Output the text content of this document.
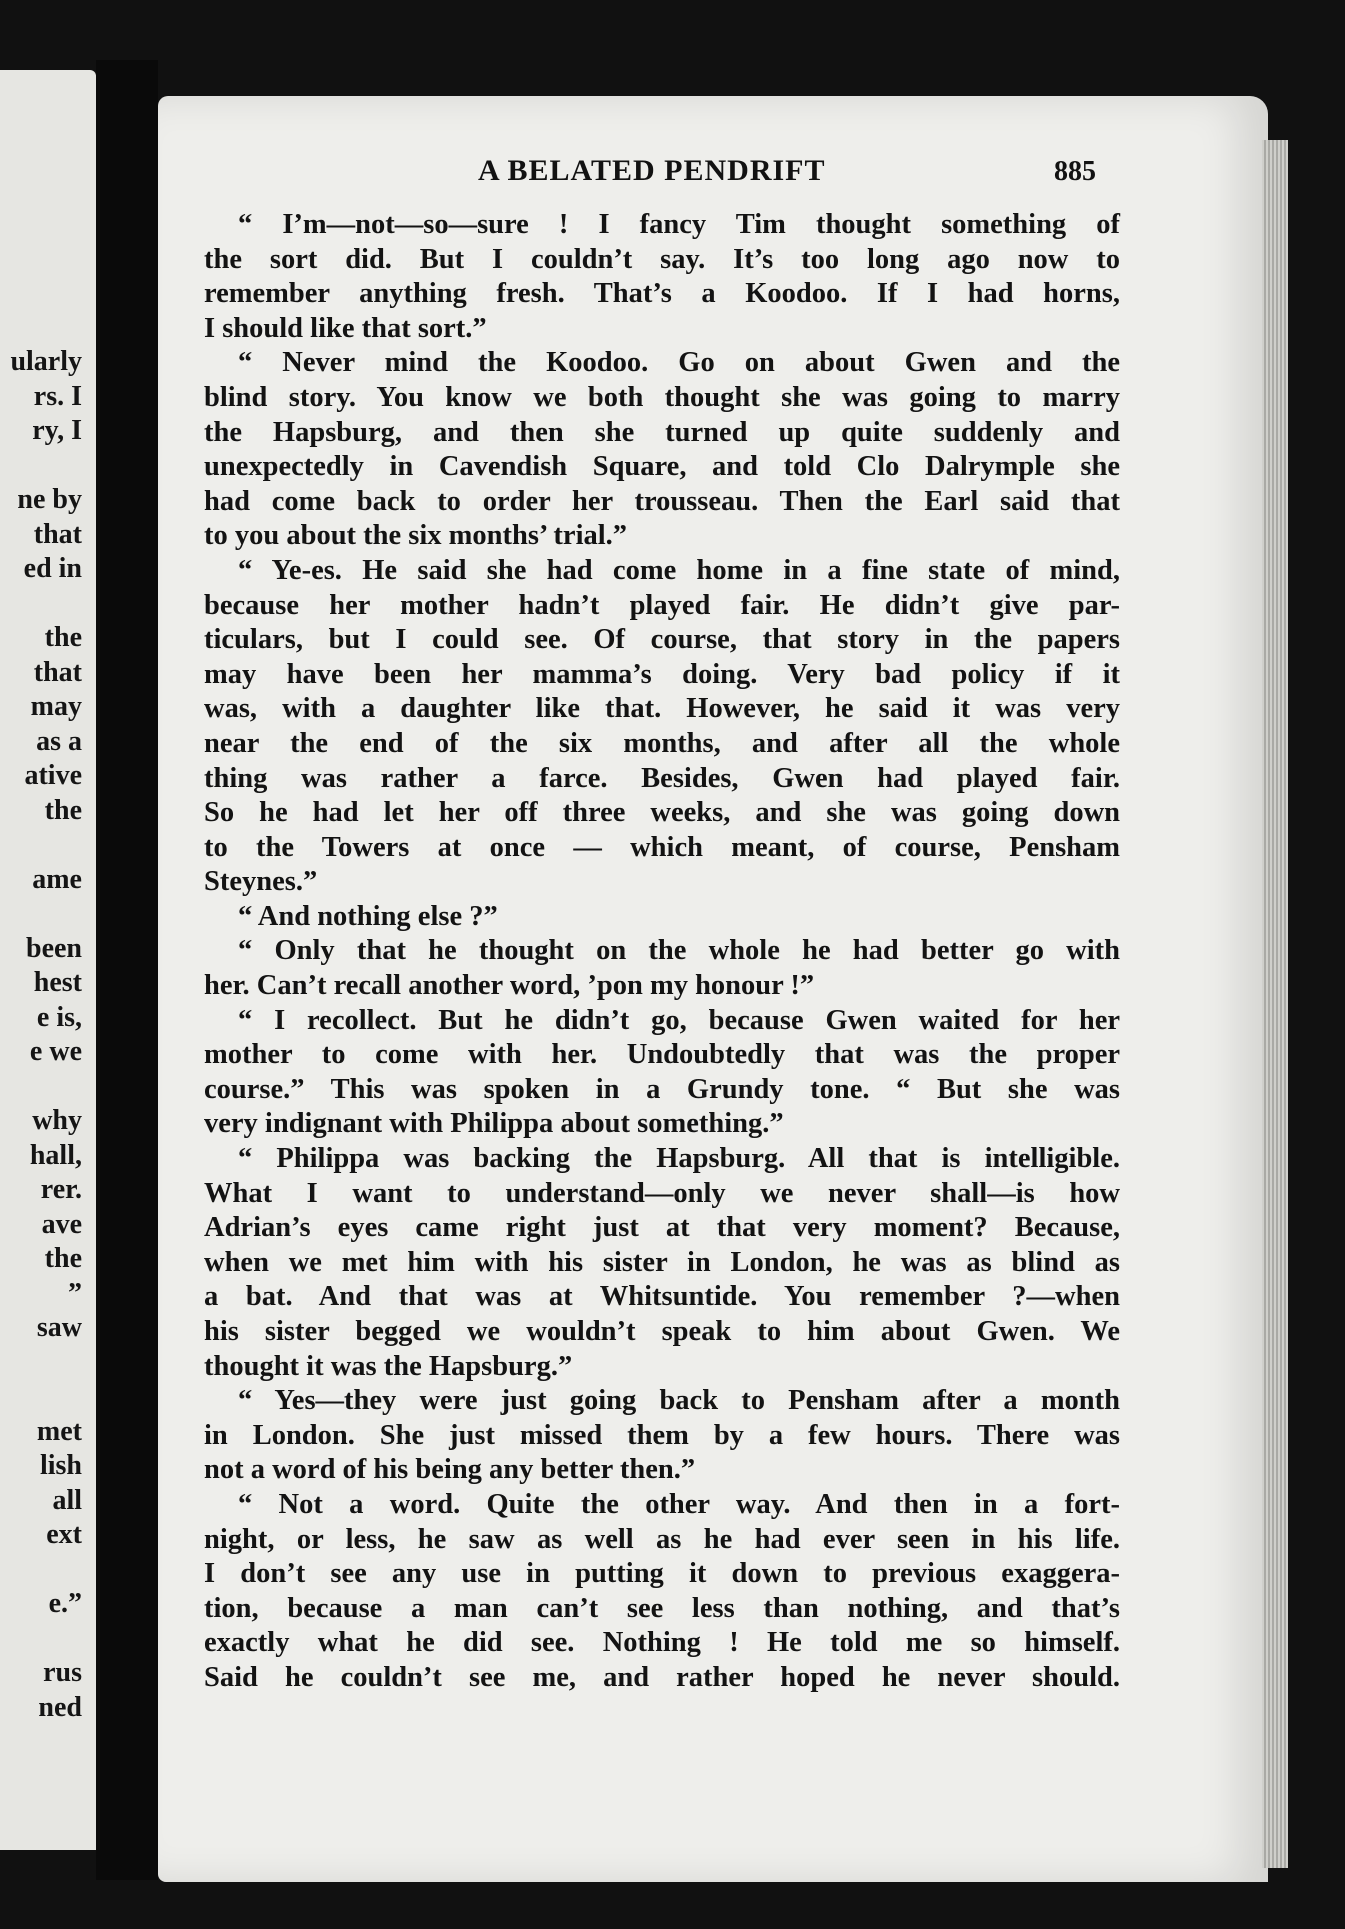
ularly
rs. I
ry, I
ne by
that
ed in
the
that
may
as a
ative
the
ame
been
hest
e is,
e we
why
hall,
rer.
ave
the
”
saw
met
lish
all
ext
e.”
rus
ned
A BELATED PENDRIFT	885
“ I’m—not—so—sure ! I fancy Tim thought something of
the sort did. But I couldn’t say. It’s too long ago now to
remember anything fresh. That’s a Koodoo. If I had horns,
I should like that sort.”
“ Never mind the Koodoo. Go on about Gwen and the
blind story. You know we both thought she was going to marry
the Hapsburg, and then she turned up quite suddenly and
unexpectedly in Cavendish Square, and told Clo Dalrymple she
had come back to order her trousseau. Then the Earl said that
to you about the six months’ trial.”
“ Ye-es. He said she had come home in a fine state of mind,
because her mother hadn’t played fair. He didn’t give par-
ticulars, but I could see. Of course, that story in the papers
may have been her mamma’s doing. Very bad policy if it
was, with a daughter like that. However, he said it was very
near the end of the six months, and after all the whole
thing was rather a farce. Besides, Gwen had played fair.
So he had let her off three weeks, and she was going down
to the Towers at once — which meant, of course, Pensham
Steynes.”
“ And nothing else ?”
“ Only that he thought on the whole he had better go with
her. Can’t recall another word, ’pon my honour !”
“ I recollect. But he didn’t go, because Gwen waited for her
mother to come with her. Undoubtedly that was the proper
course.” This was spoken in a Grundy tone. “ But she was
very indignant with Philippa about something.”
“ Philippa was backing the Hapsburg. All that is intelligible.
What I want to understand—only we never shall—is how
Adrian’s eyes came right just at that very moment? Because,
when we met him with his sister in London, he was as blind as
a bat. And that was at Whitsuntide. You remember ?—when
his sister begged we wouldn’t speak to him about Gwen. We
thought it was the Hapsburg.”
“ Yes—they were just going back to Pensham after a month
in London. She just missed them by a few hours. There was
not a word of his being any better then.”
“ Not a word. Quite the other way. And then in a fort-
night, or less, he saw as well as he had ever seen in his life.
I don’t see any use in putting it down to previous exaggera-
tion, because a man can’t see less than nothing, and that’s
exactly what he did see. Nothing ! He told me so himself.
Said he couldn’t see me, and rather hoped he never should.
